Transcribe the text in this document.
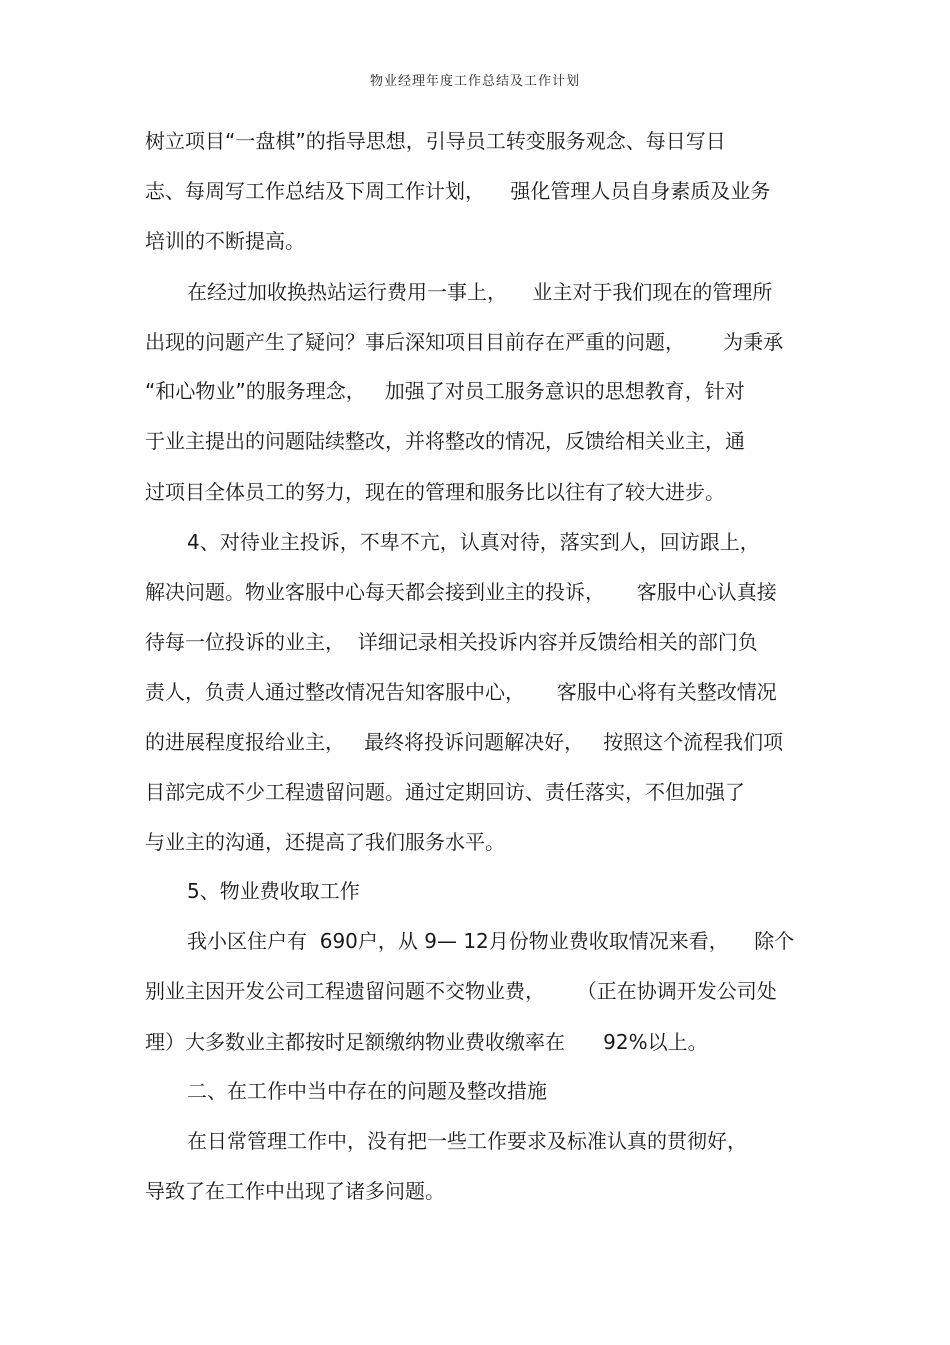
物业经理年度工作总结及工作计划
树立项目“一盘棋”的指导思想，引导员工转变服务观念、每日写日
志、每周写工作总结及下周工作计划，    强化管理人员自身素质及业务
培训的不断提高。
在经过加收换热站运行费用一事上，    业主对于我们现在的管理所
出现的问题产生了疑问？事后深知项目目前存在严重的问题，      为秉承
“和心物业”的服务理念，   加强了对员工服务意识的思想教育，针对
于业主提出的问题陆续整改，并将整改的情况，反馈给相关业主，通
过项目全体员工的努力，现在的管理和服务比以往有了较大进步。
4、对待业主投诉，不卑不亢，认真对待，落实到人，回访跟上，
解决问题。物业客服中心每天都会接到业主的投诉，     客服中心认真接
待每一位投诉的业主，  详细记录相关投诉内容并反馈给相关的部门负
责人，负责人通过整改情况告知客服中心，     客服中心将有关整改情况
的进展程度报给业主，   最终将投诉问题解决好，   按照这个流程我们项
目部完成不少工程遗留问题。通过定期回访、责任落实，不但加强了
与业主的沟通，还提高了我们服务水平。
5、物业费收取工作
我小区住户有  690户，从 9— 12月份物业费收取情况来看，    除个
别业主因开发公司工程遗留问题不交物业费，     （正在协调开发公司处
理）大多数业主都按时足额缴纳物业费收缴率在      92%以上。
二、在工作中当中存在的问题及整改措施
在日常管理工作中，没有把一些工作要求及标准认真的贯彻好，
导致了在工作中出现了诸多问题。
